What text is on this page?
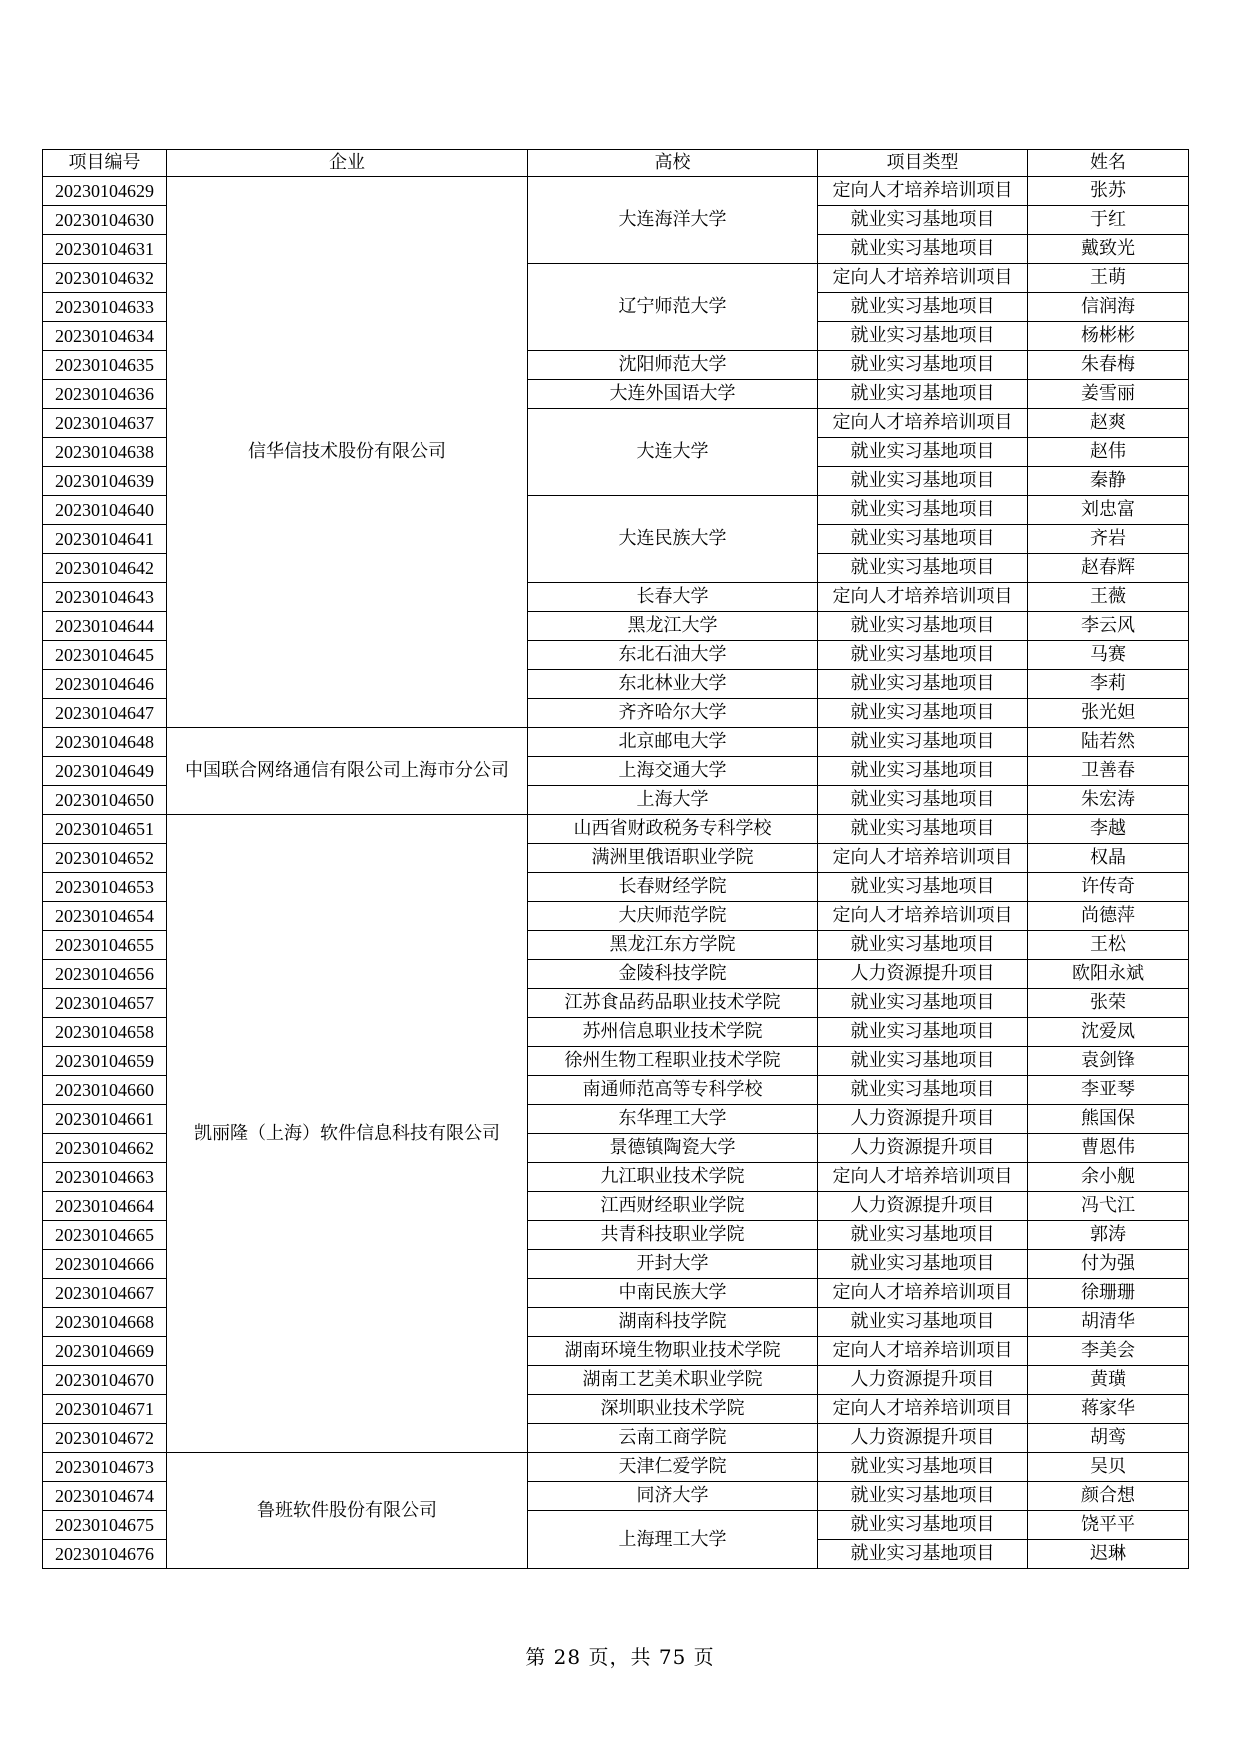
项目编号	企业	高校	项目类型	姓名
20230104629	信华信技术股份有限公司	大连海洋大学	定向人才培养培训项目	张苏
20230104630			就业实习基地项目	于红
20230104631			就业实习基地项目	戴致光
20230104632		辽宁师范大学	定向人才培养培训项目	王萌
20230104633			就业实习基地项目	信润海
20230104634			就业实习基地项目	杨彬彬
20230104635		沈阳师范大学	就业实习基地项目	朱春梅
20230104636		大连外国语大学	就业实习基地项目	姜雪丽
20230104637		大连大学	定向人才培养培训项目	赵爽
20230104638			就业实习基地项目	赵伟
20230104639			就业实习基地项目	秦静
20230104640		大连民族大学	就业实习基地项目	刘忠富
20230104641			就业实习基地项目	齐岩
20230104642			就业实习基地项目	赵春辉
20230104643		长春大学	定向人才培养培训项目	王薇
20230104644		黑龙江大学	就业实习基地项目	李云风
20230104645		东北石油大学	就业实习基地项目	马赛
20230104646		东北林业大学	就业实习基地项目	李莉
20230104647		齐齐哈尔大学	就业实习基地项目	张光妲
20230104648	中国联合网络通信有限公司上海市分公司	北京邮电大学	就业实习基地项目	陆若然
20230104649		上海交通大学	就业实习基地项目	卫善春
20230104650		上海大学	就业实习基地项目	朱宏涛
20230104651	凯丽隆（上海）软件信息科技有限公司	山西省财政税务专科学校	就业实习基地项目	李越
20230104652		满洲里俄语职业学院	定向人才培养培训项目	权晶
20230104653		长春财经学院	就业实习基地项目	许传奇
20230104654		大庆师范学院	定向人才培养培训项目	尚德萍
20230104655		黑龙江东方学院	就业实习基地项目	王松
20230104656		金陵科技学院	人力资源提升项目	欧阳永斌
20230104657		江苏食品药品职业技术学院	就业实习基地项目	张荣
20230104658		苏州信息职业技术学院	就业实习基地项目	沈爱凤
20230104659		徐州生物工程职业技术学院	就业实习基地项目	袁剑锋
20230104660		南通师范高等专科学校	就业实习基地项目	李亚琴
20230104661		东华理工大学	人力资源提升项目	熊国保
20230104662		景德镇陶瓷大学	人力资源提升项目	曹恩伟
20230104663		九江职业技术学院	定向人才培养培训项目	余小舰
20230104664		江西财经职业学院	人力资源提升项目	冯弋江
20230104665		共青科技职业学院	就业实习基地项目	郭涛
20230104666		开封大学	就业实习基地项目	付为强
20230104667		中南民族大学	定向人才培养培训项目	徐珊珊
20230104668		湖南科技学院	就业实习基地项目	胡清华
20230104669		湖南环境生物职业技术学院	定向人才培养培训项目	李美会
20230104670		湖南工艺美术职业学院	人力资源提升项目	黄璜
20230104671		深圳职业技术学院	定向人才培养培训项目	蒋家华
20230104672		云南工商学院	人力资源提升项目	胡鸾
20230104673	鲁班软件股份有限公司	天津仁爱学院	就业实习基地项目	吴贝
20230104674		同济大学	就业实习基地项目	颜合想
20230104675		上海理工大学	就业实习基地项目	饶平平
20230104676			就业实习基地项目	迟琳
第 28 页，共 75 页
